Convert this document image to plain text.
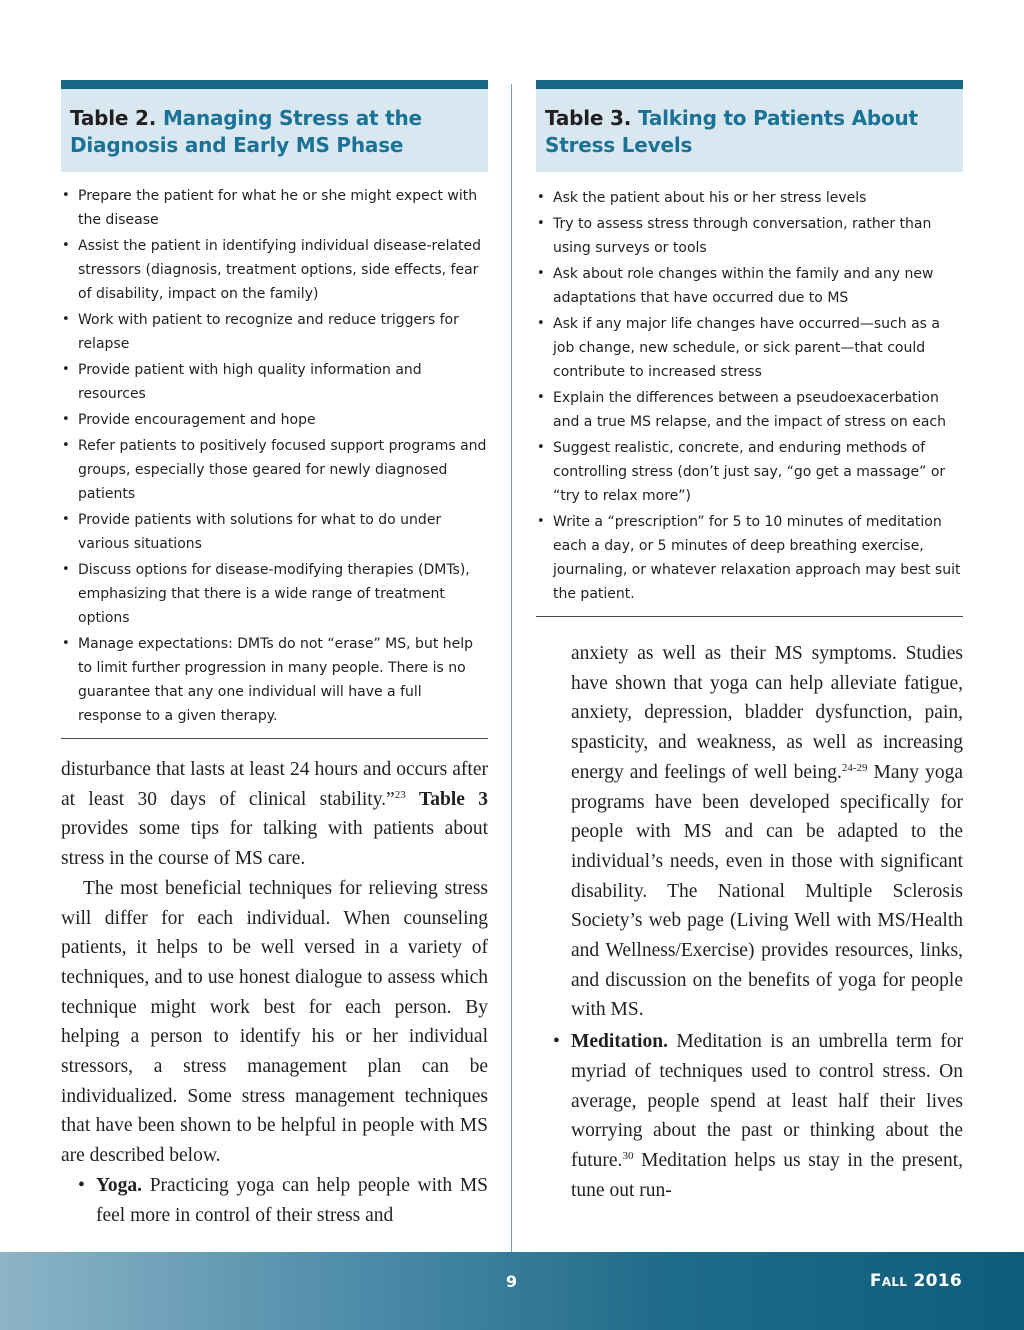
Table 2. Managing Stress at the Diagnosis and Early MS Phase
• Prepare the patient for what he or she might expect with the disease
• Assist the patient in identifying individual disease-related stressors (diagnosis, treatment options, side effects, fear of disability, impact on the family)
• Work with patient to recognize and reduce triggers for relapse
• Provide patient with high quality information and resources
• Provide encouragement and hope
• Refer patients to positively focused support programs and groups, especially those geared for newly diagnosed patients
• Provide patients with solutions for what to do under various situations
• Discuss options for disease-modifying therapies (DMTs), emphasizing that there is a wide range of treatment options
• Manage expectations: DMTs do not “erase” MS, but help to limit further progression in many people. There is no guarantee that any one individual will have a full response to a given therapy.

disturbance that lasts at least 24 hours and occurs after at least 30 days of clinical stability.”$^{23}$ Table 3 provides some tips for talking with patients about stress in the course of MS care.

The most beneficial techniques for relieving stress will differ for each individual. When counseling patients, it helps to be well versed in a variety of techniques, and to use honest dialogue to assess which technique might work best for each person. By helping a person to identify his or her individual stressors, a stress management plan can be individualized. Some stress management techniques that have been shown to be helpful in people with MS are described below.

• Yoga. Practicing yoga can help people with MS feel more in control of their stress and

Table 3. Talking to Patients About Stress Levels
• Ask the patient about his or her stress levels
• Try to assess stress through conversation, rather than using surveys or tools
• Ask about role changes within the family and any new adaptations that have occurred due to MS
• Ask if any major life changes have occurred—such as a job change, new schedule, or sick parent—that could contribute to increased stress
• Explain the differences between a pseudoexacerbation and a true MS relapse, and the impact of stress on each
• Suggest realistic, concrete, and enduring methods of controlling stress (don’t just say, “go get a massage” or “try to relax more”)
• Write a “prescription” for 5 to 10 minutes of meditation each a day, or 5 minutes of deep breathing exercise, journaling, or whatever relaxation approach may best suit the patient.

anxiety as well as their MS symptoms. Studies have shown that yoga can help alleviate fatigue, anxiety, depression, bladder dysfunction, pain, spasticity, and weakness, as well as increasing energy and feelings of well being.$^{24-29}$ Many yoga programs have been developed specifically for people with MS and can be adapted to the individual’s needs, even in those with significant disability. The National Multiple Sclerosis Society’s web page (Living Well with MS/Health and Wellness/Exercise) provides resources, links, and discussion on the benefits of yoga for people with MS.

• Meditation. Meditation is an umbrella term for myriad of techniques used to control stress. On average, people spend at least half their lives worrying about the past or thinking about the future.$^{30}$ Meditation helps us stay in the present, tune out run-

9	Fall 2016
